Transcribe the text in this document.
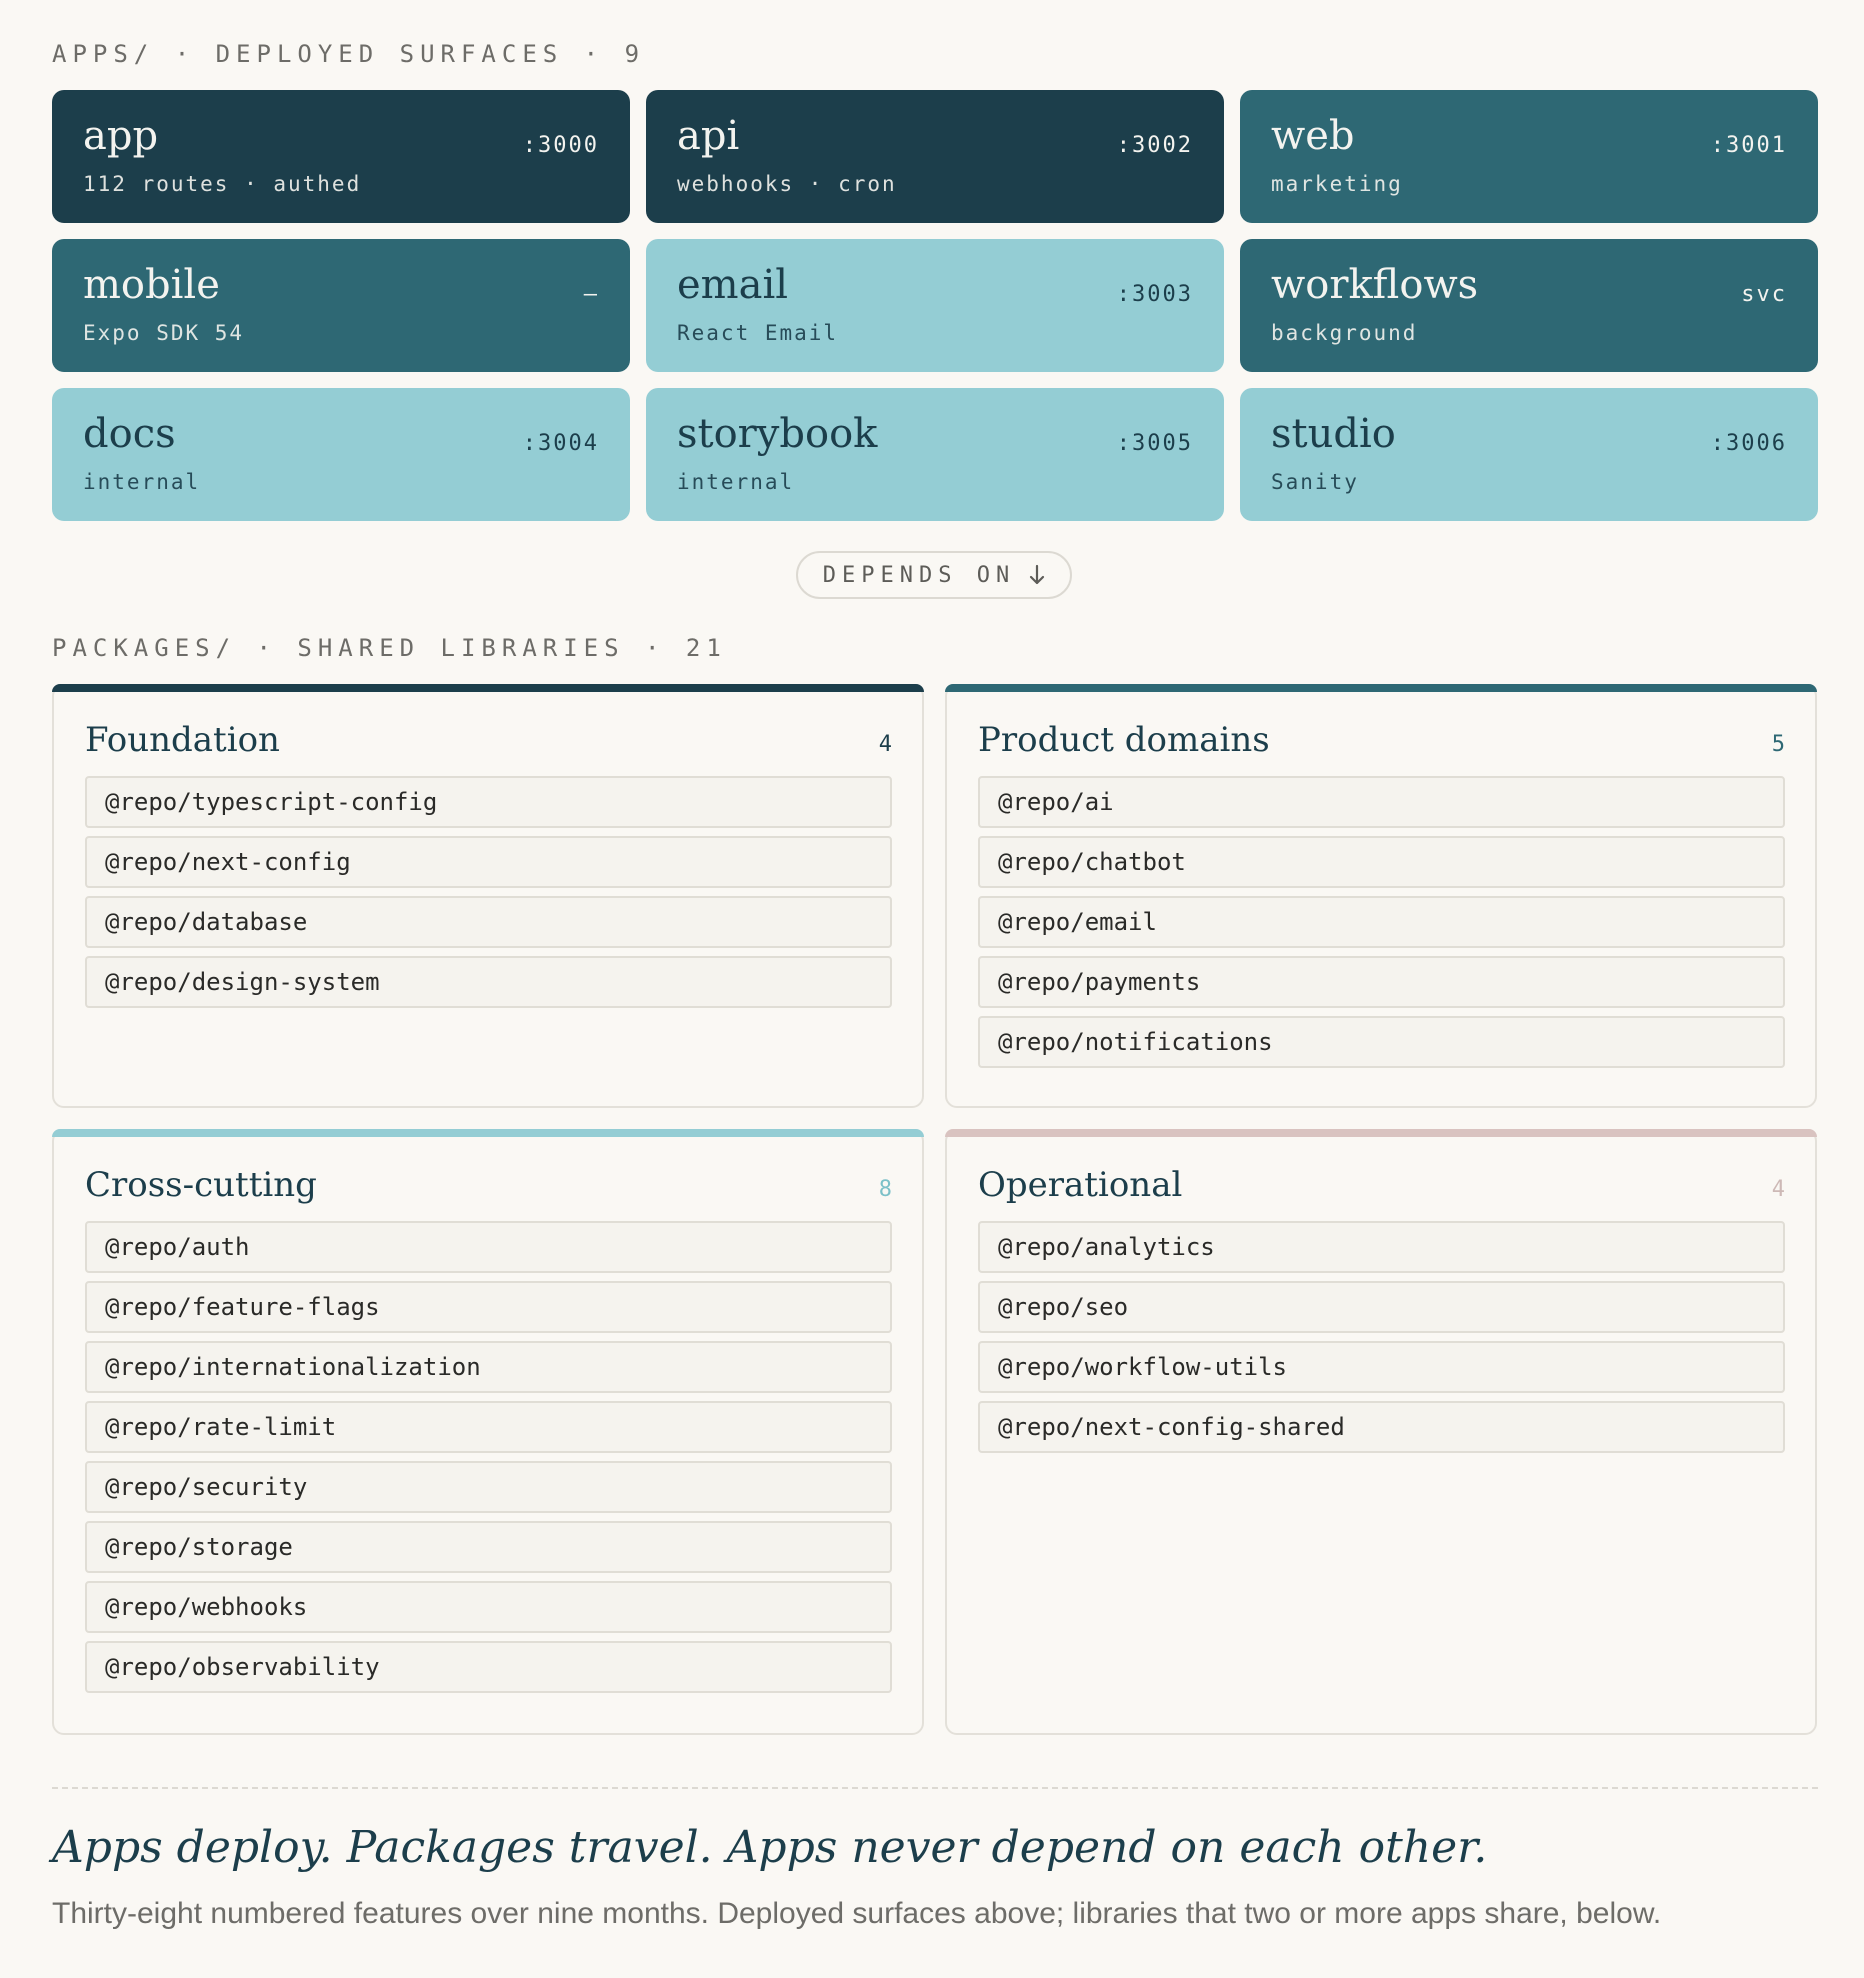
APPS/ · DEPLOYED SURFACES · 9
app	:3000
112 routes · authed
api	:3002
webhooks · cron
web	:3001
marketing
mobile	—
Expo SDK 54
email	:3003
React Email
workflows	svc
background
docs	:3004
internal
storybook	:3005
internal
studio	:3006
Sanity
DEPENDS ON
PACKAGES/ · SHARED LIBRARIES · 21
Foundation	4
@repo/typescript-config
@repo/next-config
@repo/database
@repo/design-system
Product domains	5
@repo/ai
@repo/chatbot
@repo/email
@repo/payments
@repo/notifications
Cross-cutting	8
@repo/auth
@repo/feature-flags
@repo/internationalization
@repo/rate-limit
@repo/security
@repo/storage
@repo/webhooks
@repo/observability
Operational	4
@repo/analytics
@repo/seo
@repo/workflow-utils
@repo/next-config-shared
Apps deploy. Packages travel. Apps never depend on each other.
Thirty-eight numbered features over nine months. Deployed surfaces above; libraries that two or more apps share, below.
